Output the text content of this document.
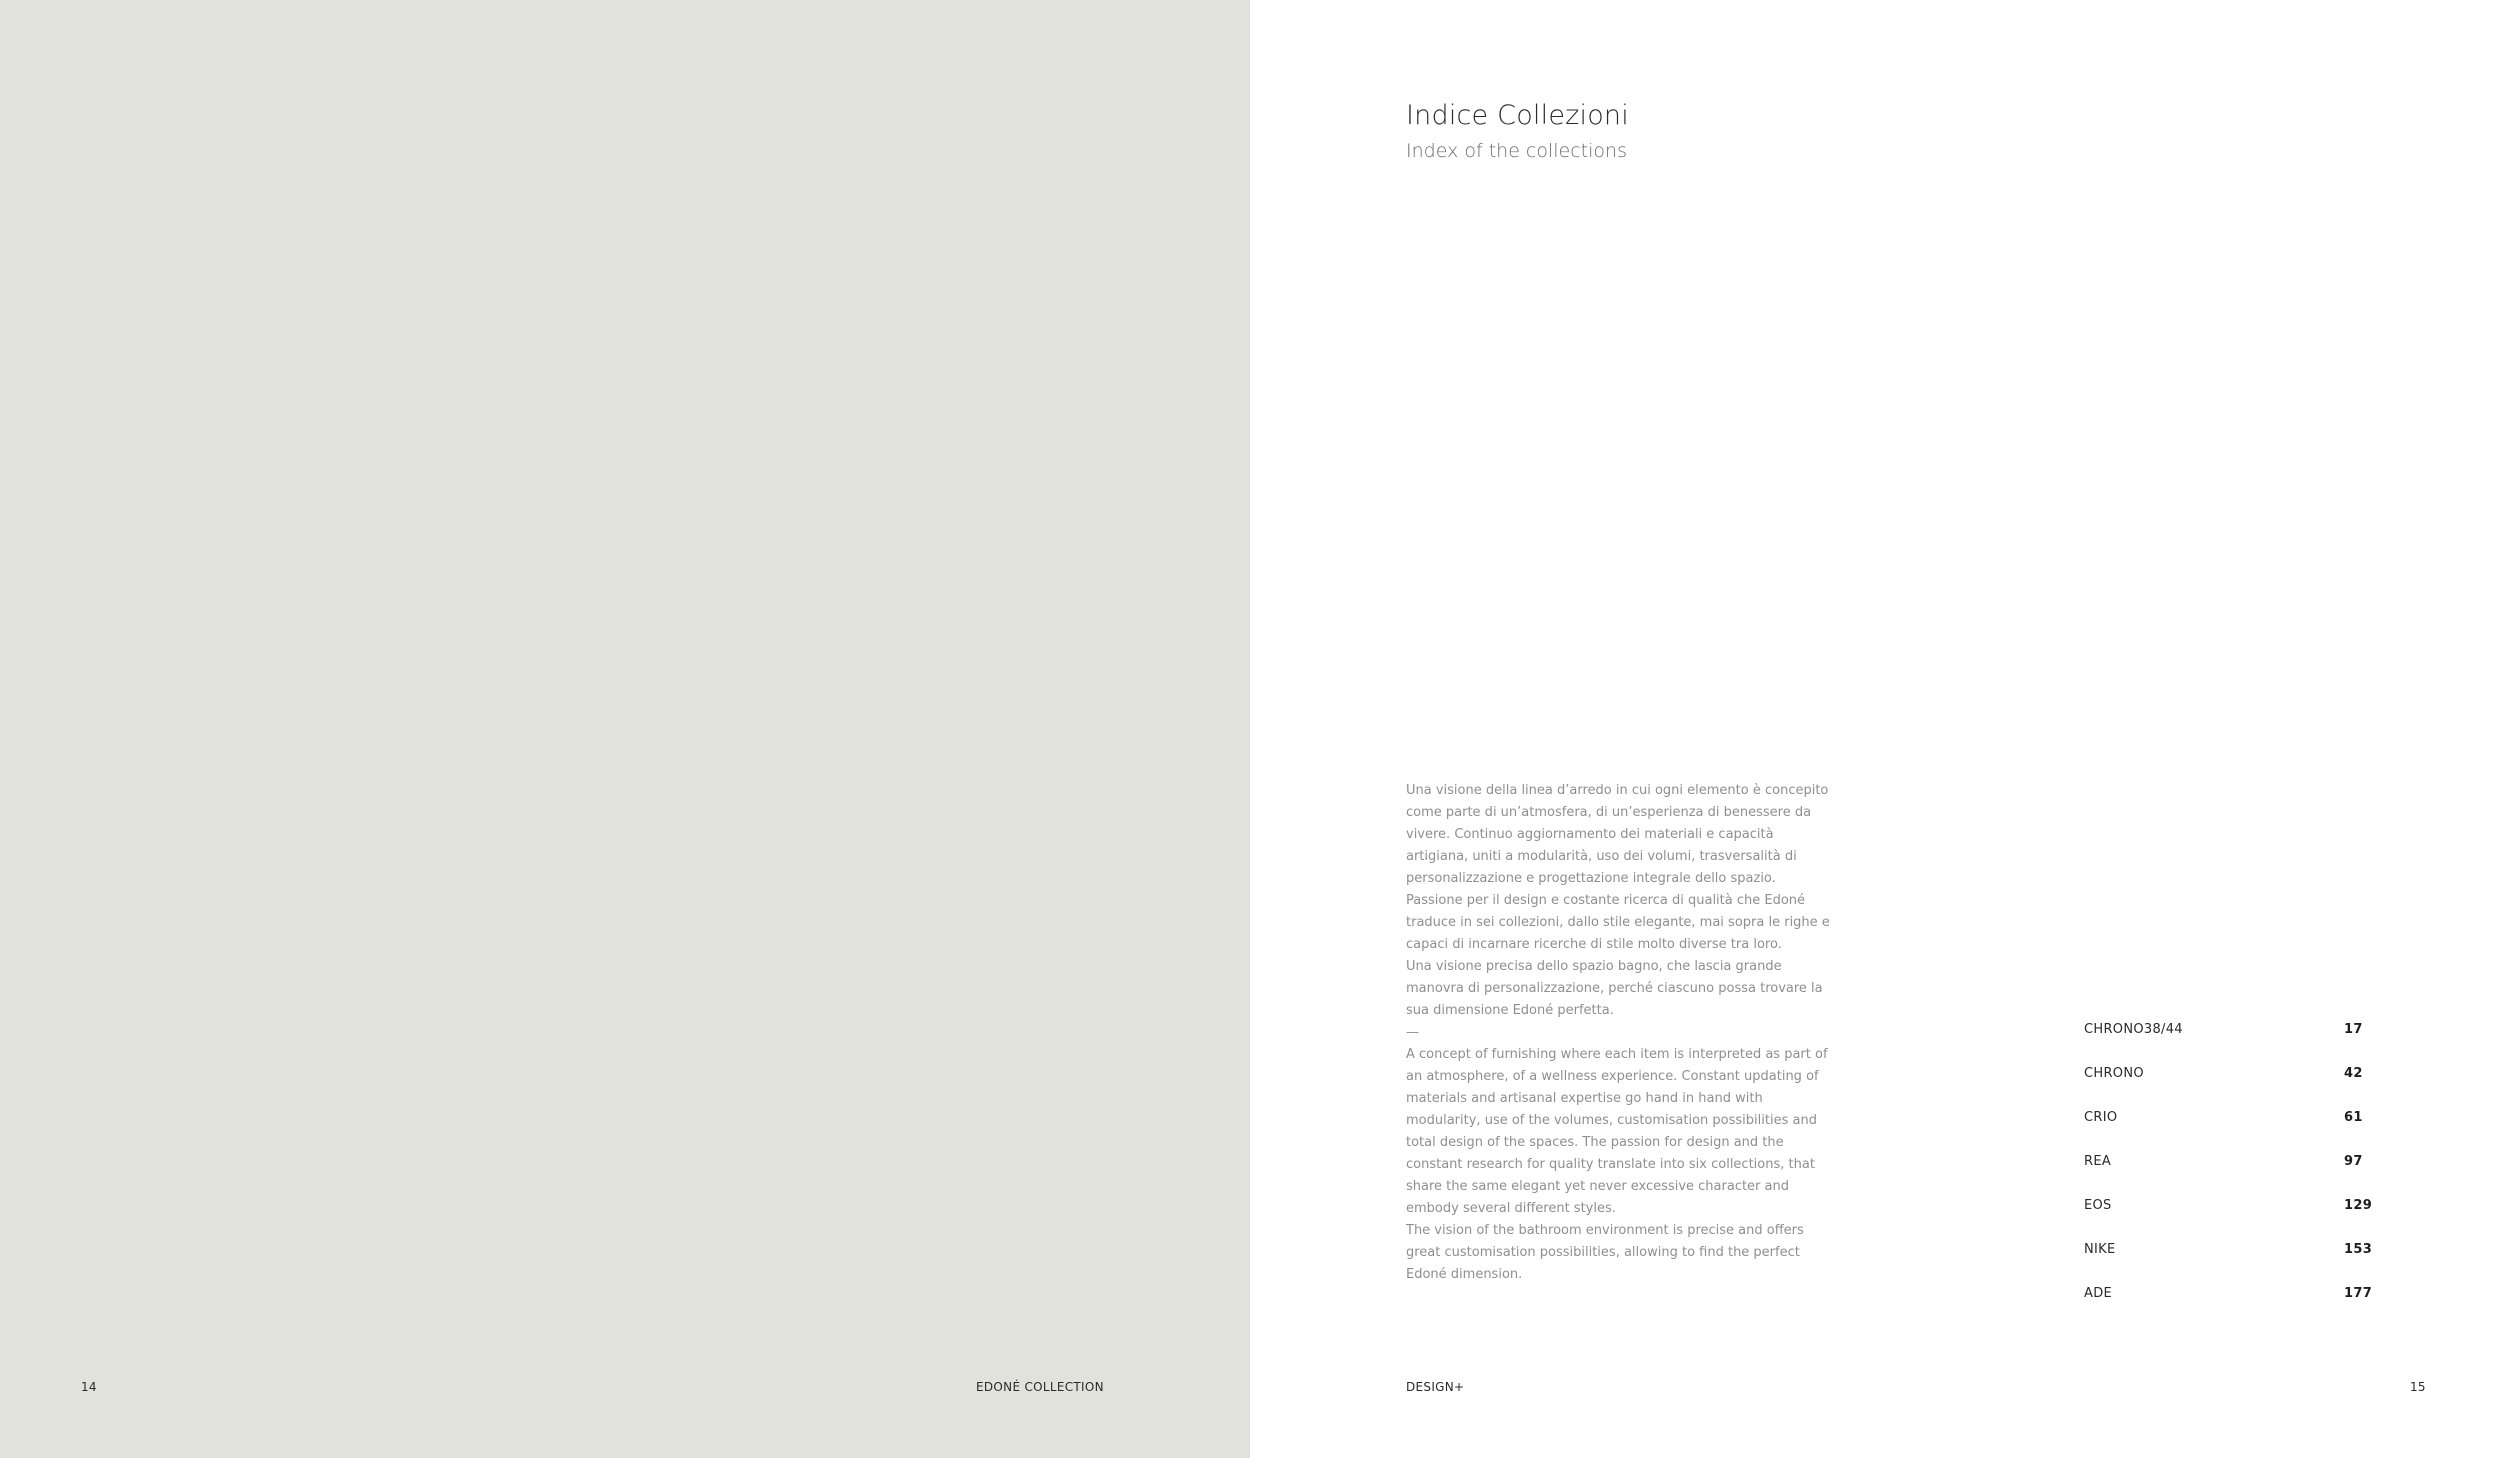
Indice Collezioni
Index of the collections

Una visione della linea d’arredo in cui ogni elemento è concepito come parte di un’atmosfera, di un’esperienza di benessere da vivere. Continuo aggiornamento dei materiali e capacità artigiana, uniti a modularità, uso dei volumi, trasversalità di personalizzazione e progettazione integrale dello spazio. Passione per il design e costante ricerca di qualità che Edoné traduce in sei collezioni, dallo stile elegante, mai sopra le righe e capaci di incarnare ricerche di stile molto diverse tra loro.

Una visione precisa dello spazio bagno, che lascia grande manovra di personalizzazione, perché ciascuno possa trovare la sua dimensione Edoné perfetta.

—

A concept of furnishing where each item is interpreted as part of an atmosphere, of a wellness experience. Constant updating of materials and artisanal expertise go hand in hand with modularity, use of the volumes, customisation possibilities and total design of the spaces. The passion for design and the constant research for quality translate into six collections, that share the same elegant yet never excessive character and embody several different styles.

The vision of the bathroom environment is precise and offers great customisation possibilities, allowing to find the perfect Edoné dimension.

CHRONO38/44	17
CHRONO	42
CRIO	61
REA	97
EOS	129
NIKE	153
ADE	177
14	EDONÉ COLLECTION	DESIGN+	15
